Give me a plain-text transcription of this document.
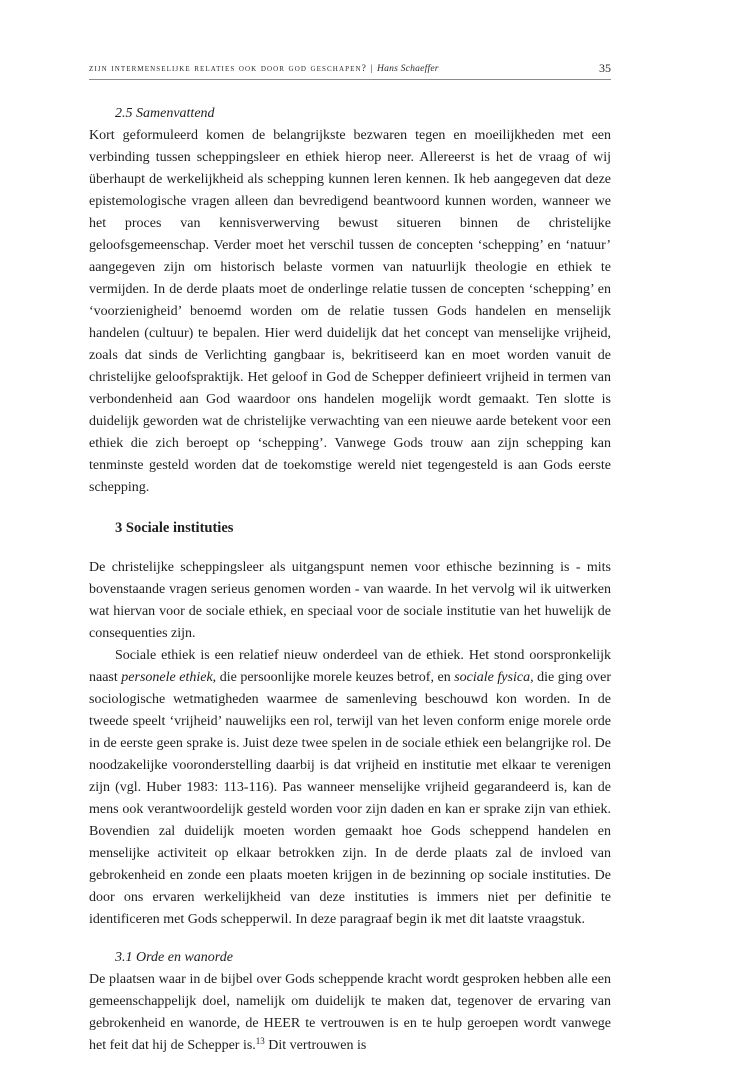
zijn intermenselijke relaties ook door god geschapen? | Hans Schaeffer	35
2.5 Samenvattend

Kort geformuleerd komen de belangrijkste bezwaren tegen en moeilijkheden met een verbinding tussen scheppingsleer en ethiek hierop neer. Allereerst is het de vraag of wij überhaupt de werkelijkheid als schepping kunnen leren kennen. Ik heb aangegeven dat deze epistemologische vragen alleen dan bevredigend beantwoord kunnen worden, wanneer we het proces van kennisverwerving bewust situeren binnen de christelijke geloofsgemeenschap. Verder moet het verschil tussen de concepten ‘schepping’ en ‘natuur’ aangegeven zijn om historisch belaste vormen van natuurlijk theologie en ethiek te vermijden. In de derde plaats moet de onderlinge relatie tussen de concepten ‘schepping’ en ‘voorzienigheid’ benoemd worden om de relatie tussen Gods handelen en menselijk handelen (cultuur) te bepalen. Hier werd duidelijk dat het concept van menselijke vrijheid, zoals dat sinds de Verlichting gangbaar is, bekritiseerd kan en moet worden vanuit de christelijke geloofspraktijk. Het geloof in God de Schepper definieert vrijheid in termen van verbondenheid aan God waardoor ons handelen mogelijk wordt gemaakt. Ten slotte is duidelijk geworden wat de christelijke verwachting van een nieuwe aarde betekent voor een ethiek die zich beroept op ‘schepping’. Vanwege Gods trouw aan zijn schepping kan tenminste gesteld worden dat de toekomstige wereld niet tegengesteld is aan Gods eerste schepping.

3 Sociale instituties

De christelijke scheppingsleer als uitgangspunt nemen voor ethische bezinning is - mits bovenstaande vragen serieus genomen worden - van waarde. In het vervolg wil ik uitwerken wat hiervan voor de sociale ethiek, en speciaal voor de sociale institutie van het huwelijk de consequenties zijn.

Sociale ethiek is een relatief nieuw onderdeel van de ethiek. Het stond oorspronkelijk naast personele ethiek, die persoonlijke morele keuzes betrof, en sociale fysica, die ging over sociologische wetmatigheden waarmee de samenleving beschouwd kon worden. In de tweede speelt ‘vrijheid’ nauwelijks een rol, terwijl van het leven conform enige morele orde in de eerste geen sprake is. Juist deze twee spelen in de sociale ethiek een belangrijke rol. De noodzakelijke vooronderstelling daarbij is dat vrijheid en institutie met elkaar te verenigen zijn (vgl. Huber 1983: 113-116). Pas wanneer menselijke vrijheid gegarandeerd is, kan de mens ook verantwoordelijk gesteld worden voor zijn daden en kan er sprake zijn van ethiek. Bovendien zal duidelijk moeten worden gemaakt hoe Gods scheppend handelen en menselijke activiteit op elkaar betrokken zijn. In de derde plaats zal de invloed van gebrokenheid en zonde een plaats moeten krijgen in de bezinning op sociale instituties. De door ons ervaren werkelijkheid van deze instituties is immers niet per definitie te identificeren met Gods schepperwil. In deze paragraaf begin ik met dit laatste vraagstuk.

3.1 Orde en wanorde

De plaatsen waar in de bijbel over Gods scheppende kracht wordt gesproken hebben alle een gemeenschappelijk doel, namelijk om duidelijk te maken dat, tegenover de ervaring van gebrokenheid en wanorde, de HEER te vertrouwen is en te hulp geroepen wordt vanwege het feit dat hij de Schepper is.$^{13}$ Dit vertrouwen is
